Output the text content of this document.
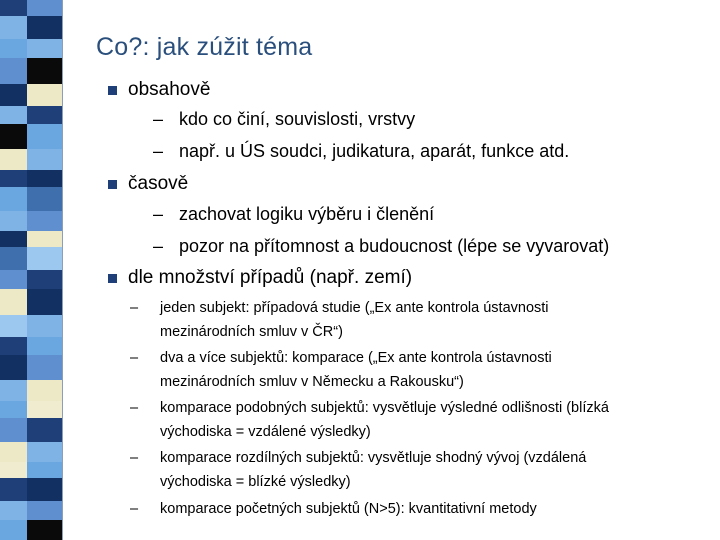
Co?: jak zúžit téma
obsahově
– kdo co činí, souvislosti, vrstvy
– např. u ÚS soudci, judikatura, aparát, funkce atd.
časově
– zachovat logiku výběru i členění
– pozor na přítomnost a budoucnost (lépe se vyvarovat)
dle množství případů (např. zemí)
– jeden subjekt: případová studie („Ex ante kontrola ústavnosti
mezinárodních smluv v ČR“)
– dva a více subjektů: komparace („Ex ante kontrola ústavnosti
mezinárodních smluv v Německu a Rakousku“)
– komparace podobných subjektů: vysvětluje výsledné odlišnosti (blízká
východiska = vzdálené výsledky)
– komparace rozdílných subjektů: vysvětluje shodný vývoj (vzdálená
východiska = blízké výsledky)
– komparace početných subjektů (N>5): kvantitativní metody
